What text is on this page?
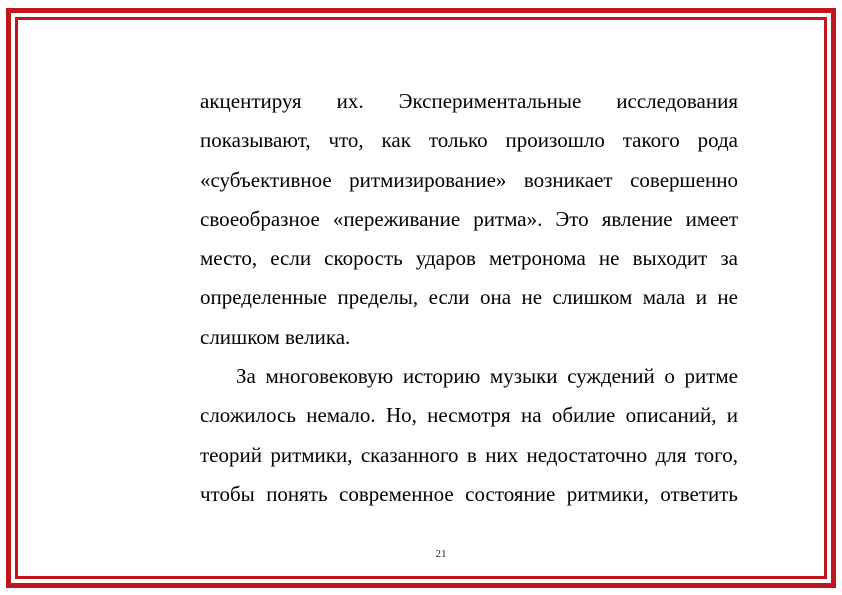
акцентируя их. Экспериментальные исследования
показывают, что, как только произошло такого рода
«субъективное ритмизирование» возникает совершенно
своеобразное «переживание ритма». Это явление имеет
место, если скорость ударов метронома не выходит за
определенные пределы, если она не слишком мала и не
слишком велика.
За многовековую историю музыки суждений о ритме
сложилось немало. Но, несмотря на обилие описаний, и
теорий ритмики, сказанного в них недостаточно для того,
чтобы понять современное состояние ритмики, ответить
21
